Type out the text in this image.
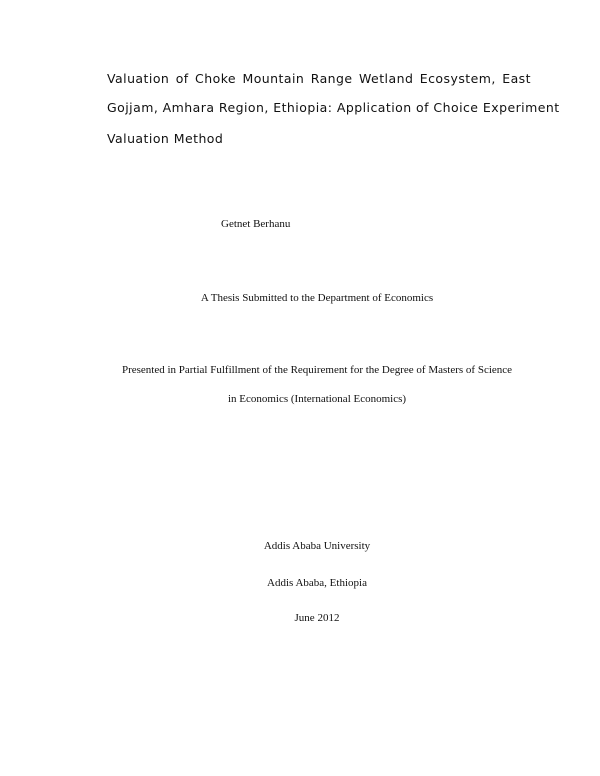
Valuation of Choke Mountain Range Wetland Ecosystem, East
Gojjam, Amhara Region, Ethiopia: Application of Choice Experiment
Valuation Method
Getnet Berhanu
A Thesis Submitted to the Department of Economics
Presented in Partial Fulfillment of the Requirement for the Degree of Masters of Science
in Economics (International Economics)
Addis Ababa University
Addis Ababa, Ethiopia
June 2012
